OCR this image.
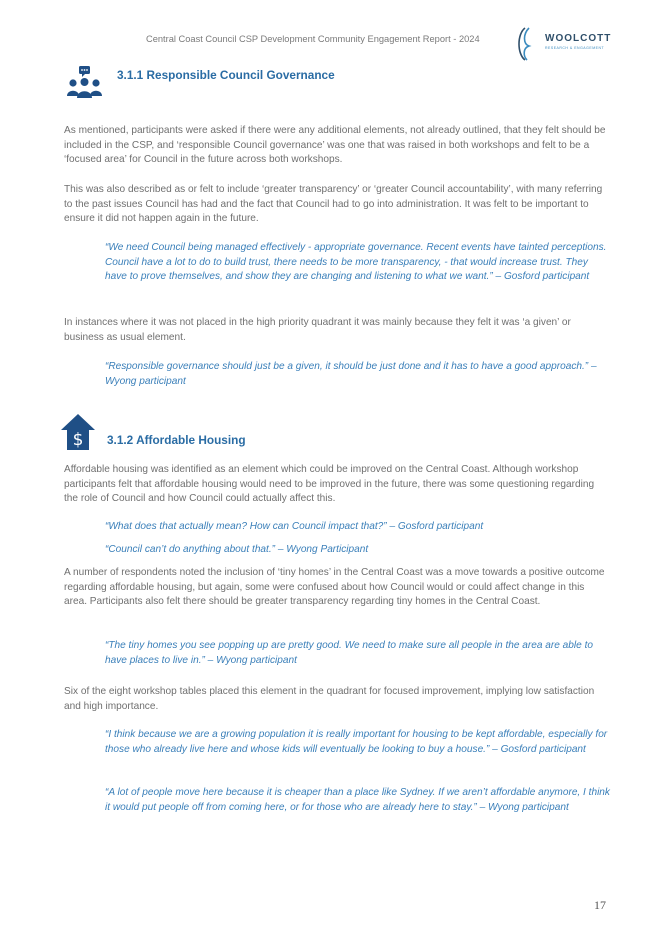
Central Coast Council CSP Development Community Engagement Report - 2024	WOOLCOTT
RESEARCH & ENGAGEMENT
3.1.1 Responsible Council Governance

As mentioned, participants were asked if there were any additional elements, not already outlined, that they felt should be included in the CSP, and ‘responsible Council governance’ was one that was raised in both workshops and felt to be a ‘focused area’ for Council in the future across both workshops.

This was also described as or felt to include ‘greater transparency’ or ‘greater Council accountability’, with many referring to the past issues Council has had and the fact that Council had to go into administration. It was felt to be important to ensure it did not happen again in the future.

“We need Council being managed effectively - appropriate governance. Recent events have tainted perceptions. Council have a lot to do to build trust, there needs to be more transparency, - that would increase trust. They have to prove themselves, and show they are changing and listening to what we want.” – Gosford participant

In instances where it was not placed in the high priority quadrant it was mainly because they felt it was ‘a given’ or business as usual element.

“Responsible governance should just be a given, it should be just done and it has to have a good approach.” – Wyong participant

$ 3.1.2 Affordable Housing

Affordable housing was identified as an element which could be improved on the Central Coast. Although workshop participants felt that affordable housing would need to be improved in the future, there was some questioning regarding the role of Council and how Council could actually affect this.

“What does that actually mean? How can Council impact that?” – Gosford participant

“Council can’t do anything about that.” – Wyong Participant

A number of respondents noted the inclusion of ‘tiny homes’ in the Central Coast was a move towards a positive outcome regarding affordable housing, but again, some were confused about how Council would or could affect change in this area. Participants also felt there should be greater transparency regarding tiny homes in the Central Coast.

“The tiny homes you see popping up are pretty good. We need to make sure all people in the area are able to have places to live in.” – Wyong participant

Six of the eight workshop tables placed this element in the quadrant for focused improvement, implying low satisfaction and high importance.

“I think because we are a growing population it is really important for housing to be kept affordable, especially for those who already live here and whose kids will eventually be looking to buy a house.” – Gosford participant

“A lot of people move here because it is cheaper than a place like Sydney. If we aren’t affordable anymore, I think it would put people off from coming here, or for those who are already here to stay.” – Wyong participant

17
